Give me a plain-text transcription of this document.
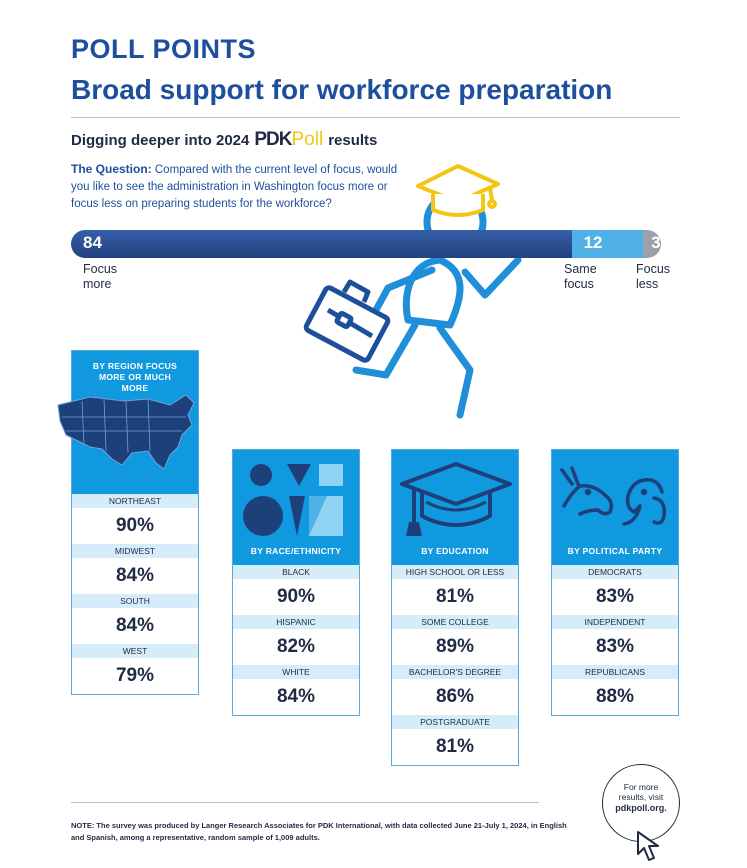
POLL POINTS
Broad support for workforce preparation
Digging deeper into 2024 PDK Poll results
The Question: Compared with the current level of focus, would you like to see the administration in Washington focus more or focus less on preparing students for the workforce?
84	12	3
Focus
more
Same
focus
Focus
less
BY REGION FOCUS MORE OR MUCH MORE
NORTHEAST
90%
MIDWEST
84%
SOUTH
84%
WEST
79%
BY RACE/ETHNICITY
BLACK
90%
HISPANIC
82%
WHITE
84%
BY EDUCATION
HIGH SCHOOL OR LESS
81%
SOME COLLEGE
89%
BACHELOR'S DEGREE
86%
POSTGRADUATE
81%
BY POLITICAL PARTY
DEMOCRATS
83%
INDEPENDENT
83%
REPUBLICANS
88%
NOTE: The survey was produced by Langer Research Associates for PDK International, with data collected June 21-July 1, 2024, in English and Spanish, among a representative, random sample of 1,009 adults.
For more
results, visit
pdkpoll.org.
